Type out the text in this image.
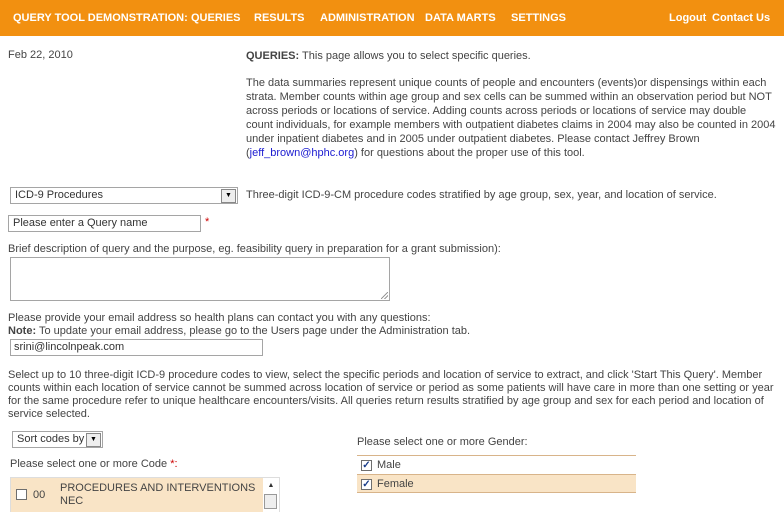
QUERY TOOL DEMONSTRATION: QUERIES RESULTS ADMINISTRATION DATA MARTS SETTINGS	Logout Contact Us
Feb 22, 2010	QUERIES: This page allows you to select specific queries.

The data summaries represent unique counts of people and encounters (events)or dispensings within each strata. Member counts within age group and sex cells can be summed within an observation period but NOT across periods or locations of service. Adding counts across periods or locations of service may double count individuals, for example members with outpatient diabetes claims in 2004 may also be counted in 2004 under inpatient diabetes and in 2005 under outpatient diabetes. Please contact Jeffrey Brown (jeff_brown@hphc.org) for questions about the proper use of this tool.

ICD-9 Procedures	▼	Three-digit ICD-9-CM procedure codes stratified by age group, sex, year, and location of service.
Please enter a Query name	*
Brief description of query and the purpose, eg. feasibility query in preparation for a grant submission):
Please provide your email address so health plans can contact you with any questions:
Note: To update your email address, please go to the Users page under the Administration tab.
srini@lincolnpeak.com
Select up to 10 three-digit ICD-9 procedure codes to view, select the specific periods and location of service to extract, and click 'Start This Query'. Member counts within each location of service cannot be summed across location of service or period as some patients will have care in more than one setting or year for the same procedure refer to unique healthcare encounters/visits. All queries return results stratified by age group and sex for each period and location of service selected.
Sort codes by ▼
Please select one or more Code *:
00
PROCEDURES AND INTERVENTIONS NEC
▲
Please select one or more Gender:
✓ Male
✓ Female
